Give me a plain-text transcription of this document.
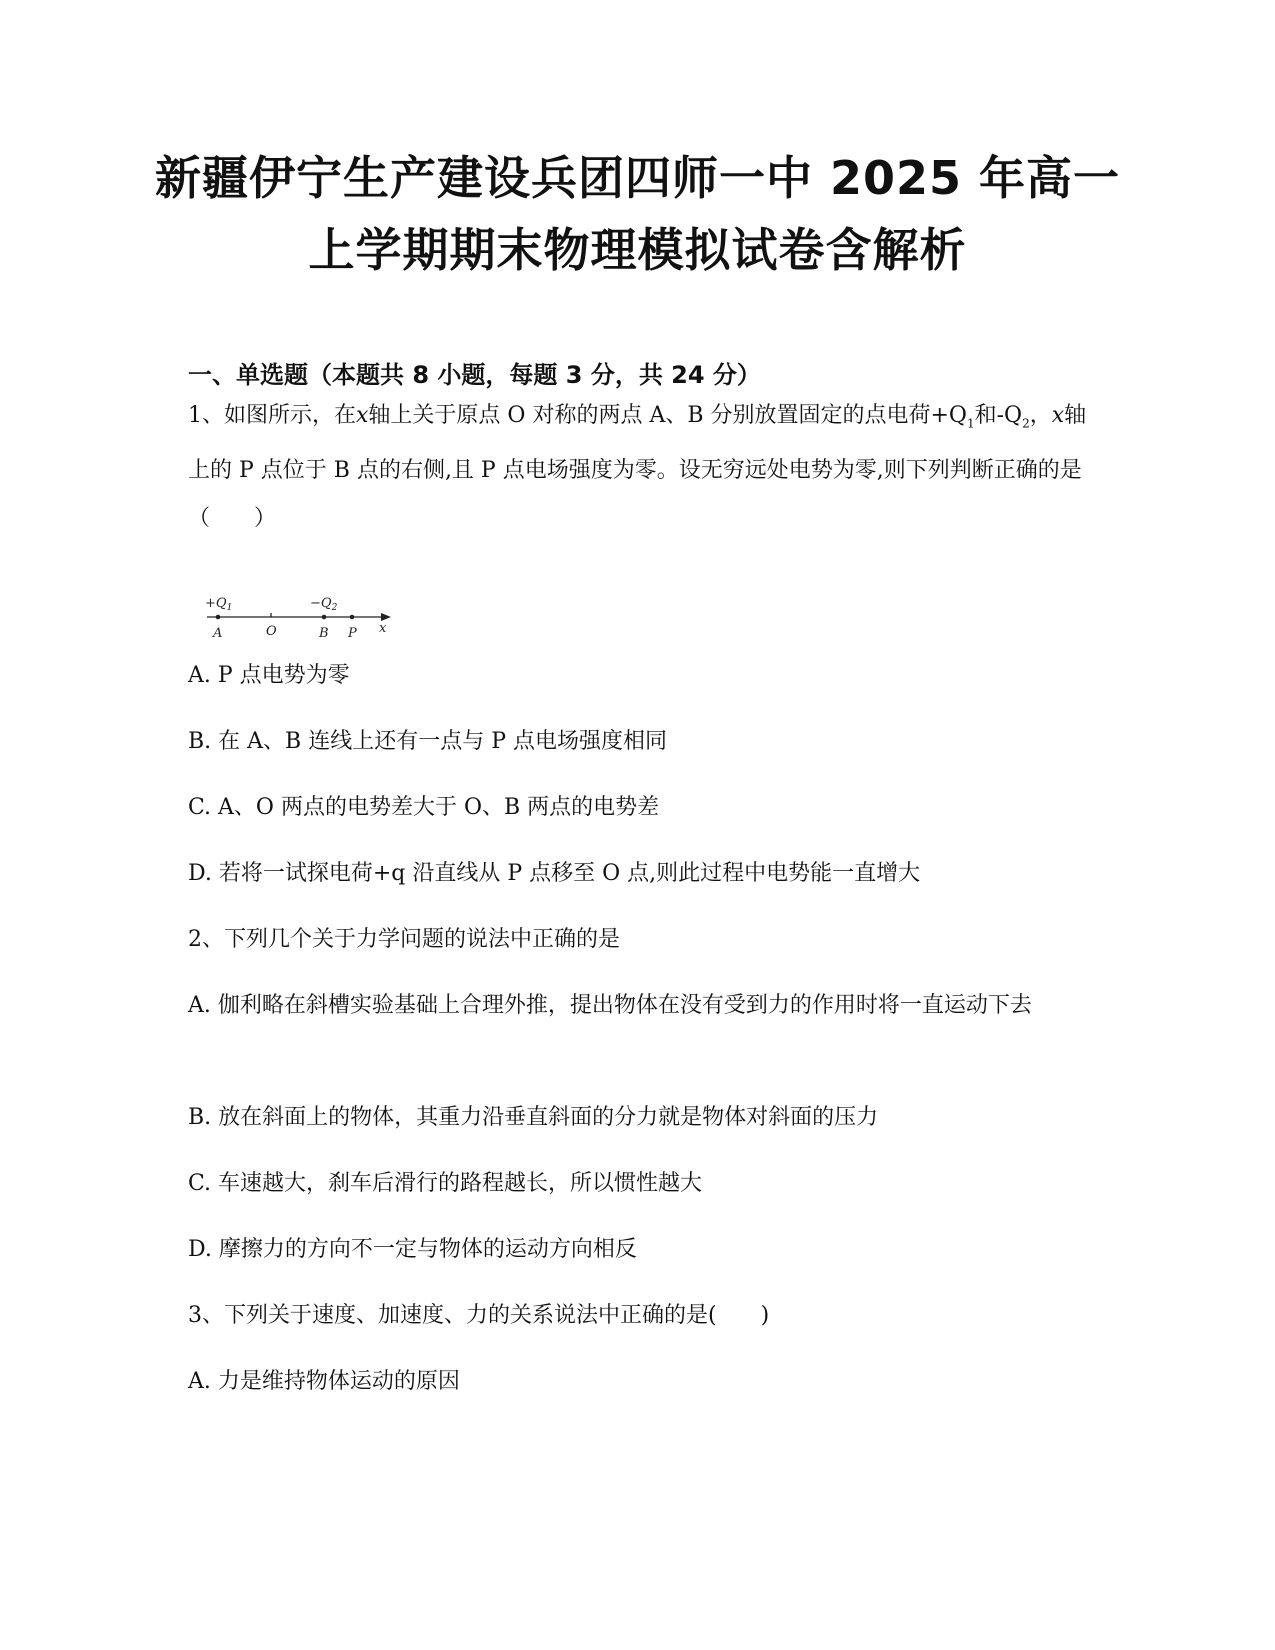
新疆伊宁生产建设兵团四师一中 2025 年高一
上学期期末物理模拟试卷含解析
一、单选题（本题共 8 小题，每题 3 分，共 24 分）
1、如图所示，在x轴上关于原点 O 对称的两点 A、B 分别放置固定的点电荷$+Q_1$和$-Q_2$，x轴上的 P 点位于 B 点的右侧,且 P 点电场强度为零。设无穷远处电势为零,则下列判断正确的是（　　）
$+Q_1$	$-Q_2$
A	O	B P x
A. P 点电势为零
B. 在 A、B 连线上还有一点与 P 点电场强度相同
C. A、O 两点的电势差大于 O、B 两点的电势差
D. 若将一试探电荷+q 沿直线从 P 点移至 O 点,则此过程中电势能一直增大
2、下列几个关于力学问题的说法中正确的是
A. 伽利略在斜槽实验基础上合理外推，提出物体在没有受到力的作用时将一直运动下去
B. 放在斜面上的物体，其重力沿垂直斜面的分力就是物体对斜面的压力
C. 车速越大，刹车后滑行的路程越长，所以惯性越大
D. 摩擦力的方向不一定与物体的运动方向相反
3、下列关于速度、加速度、力的关系说法中正确的是(　　)
A. 力是维持物体运动的原因
